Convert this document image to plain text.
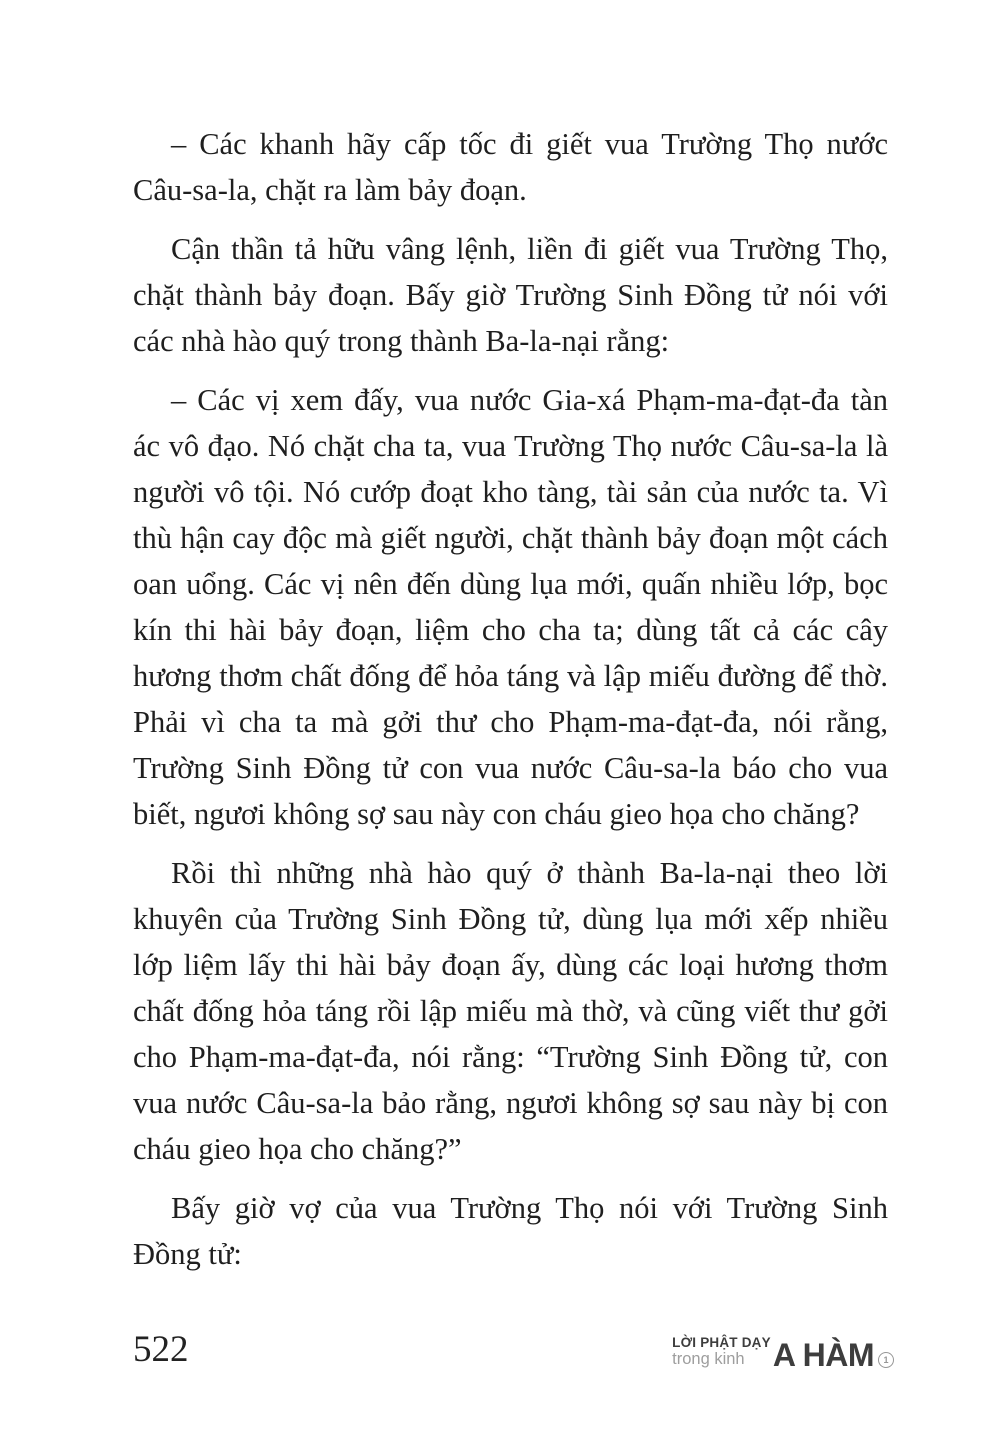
– Các khanh hãy cấp tốc đi giết vua Trường Thọ nước Câu-sa-la, chặt ra làm bảy đoạn.

Cận thần tả hữu vâng lệnh, liền đi giết vua Trường Thọ, chặt thành bảy đoạn. Bấy giờ Trường Sinh Đồng tử nói với các nhà hào quý trong thành Ba-la-nại rằng:

– Các vị xem đấy, vua nước Gia-xá Phạm-ma-đạt-đa tàn ác vô đạo. Nó chặt cha ta, vua Trường Thọ nước Câu-sa-la là người vô tội. Nó cướp đoạt kho tàng, tài sản của nước ta. Vì thù hận cay độc mà giết người, chặt thành bảy đoạn một cách oan uổng. Các vị nên đến dùng lụa mới, quấn nhiều lớp, bọc kín thi hài bảy đoạn, liệm cho cha ta; dùng tất cả các cây hương thơm chất đống để hỏa táng và lập miếu đường để thờ. Phải vì cha ta mà gởi thư cho Phạm-ma-đạt-đa, nói rằng, Trường Sinh Đồng tử con vua nước Câu-sa-la báo cho vua biết, ngươi không sợ sau này con cháu gieo họa cho chăng?

Rồi thì những nhà hào quý ở thành Ba-la-nại theo lời khuyên của Trường Sinh Đồng tử, dùng lụa mới xếp nhiều lớp liệm lấy thi hài bảy đoạn ấy, dùng các loại hương thơm chất đống hỏa táng rồi lập miếu mà thờ, và cũng viết thư gởi cho Phạm-ma-đạt-đa, nói rằng: “Trường Sinh Đồng tử, con vua nước Câu-sa-la bảo rằng, ngươi không sợ sau này bị con cháu gieo họa cho chăng?”

Bấy giờ vợ của vua Trường Thọ nói với Trường Sinh Đồng tử:

522	LỜI PHẬT DẠY
trong kinh A HÀM	1
